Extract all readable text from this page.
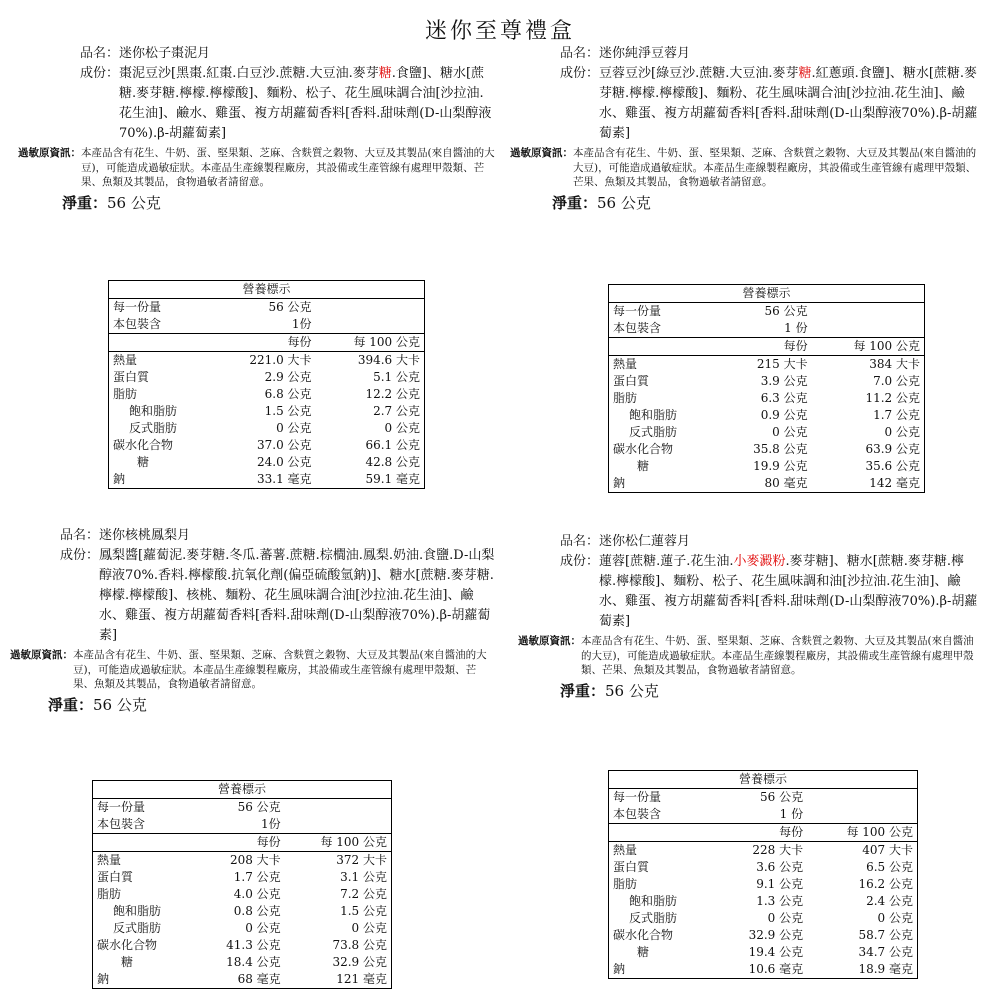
迷你至尊禮盒
品名： 迷你松子棗泥月
成份： 棗泥豆沙[黑棗.紅棗.白豆沙.蔗糖.大豆油.麥芽糖.食鹽]、糖水[蔗糖.麥芽糖.檸檬.檸檬酸]、麵粉、松子、花生風味調合油[沙拉油.花生油]、鹼水、雞蛋、複方胡蘿蔔香料[香料.甜味劑(D-山梨醇液70%).β-胡蘿蔔素]
過敏原資訊： 本產品含有花生、牛奶、蛋、堅果類、芝麻、含麩質之穀物、大豆及其製品(來自醬油的大豆)，可能造成過敏症狀。本產品生產線製程廠房，其設備或生產管線有處理甲殼類、芒果、魚類及其製品，食物過敏者請留意。
淨重： 56 公克
營養標示		
每一份量	56 公克	
本包裝含	1份	
	每份	每 100 公克
熱量	221.0 大卡	394.6 大卡
蛋白質	2.9 公克	5.1 公克
脂肪	6.8 公克	12.2 公克
飽和脂肪	1.5 公克	2.7 公克
反式脂肪	0 公克	0 公克
碳水化合物	37.0 公克	66.1 公克
糖	24.0 公克	42.8 公克
鈉	33.1 毫克	59.1 毫克
品名： 迷你純淨豆蓉月
成份： 豆蓉豆沙[綠豆沙.蔗糖.大豆油.麥芽糖.紅蔥頭.食鹽]、糖水[蔗糖.麥芽糖.檸檬.檸檬酸]、麵粉、花生風味調合油[沙拉油.花生油]、鹼水、雞蛋、複方胡蘿蔔香料[香料.甜味劑(D-山梨醇液70%).β-胡蘿蔔素]
過敏原資訊： 本產品含有花生、牛奶、蛋、堅果類、芝麻、含麩質之穀物、大豆及其製品(來自醬油的大豆)，可能造成過敏症狀。本產品生產線製程廠房，其設備或生產管線有處理甲殼類、芒果、魚類及其製品，食物過敏者請留意。
淨重： 56 公克
營養標示		
每一份量	56 公克	
本包裝含	1 份	
	每份	每 100 公克
熱量	215 大卡	384 大卡
蛋白質	3.9 公克	7.0 公克
脂肪	6.3 公克	11.2 公克
飽和脂肪	0.9 公克	1.7 公克
反式脂肪	0 公克	0 公克
碳水化合物	35.8 公克	63.9 公克
糖	19.9 公克	35.6 公克
鈉	80 毫克	142 毫克
品名： 迷你核桃鳳梨月
成份： 鳳梨醬[蘿蔔泥.麥芽糖.冬瓜.蕃薯.蔗糖.棕櫚油.鳳梨.奶油.食鹽.D-山梨醇液70%.香料.檸檬酸.抗氧化劑(偏亞硫酸氫鈉)]、糖水[蔗糖.麥芽糖.檸檬.檸檬酸]、核桃、麵粉、花生風味調合油[沙拉油.花生油]、鹼水、雞蛋、複方胡蘿蔔香料[香料.甜味劑(D-山梨醇液70%).β-胡蘿蔔素]
過敏原資訊： 本產品含有花生、牛奶、蛋、堅果類、芝麻、含麩質之穀物、大豆及其製品(來自醬油的大豆)，可能造成過敏症狀。本產品生產線製程廠房，其設備或生產管線有處理甲殼類、芒果、魚類及其製品，食物過敏者請留意。
淨重： 56 公克
營養標示		
每一份量	56 公克	
本包裝含	1份	
	每份	每 100 公克
熱量	208 大卡	372 大卡
蛋白質	1.7 公克	3.1 公克
脂肪	4.0 公克	7.2 公克
飽和脂肪	0.8 公克	1.5 公克
反式脂肪	0 公克	0 公克
碳水化合物	41.3 公克	73.8 公克
糖	18.4 公克	32.9 公克
鈉	68 毫克	121 毫克
品名： 迷你松仁蓮蓉月
成份： 蓮蓉[蔗糖.蓮子.花生油.小麥澱粉.麥芽糖]、糖水[蔗糖.麥芽糖.檸檬.檸檬酸]、麵粉、松子、花生風味調和油[沙拉油.花生油]、鹼水、雞蛋、複方胡蘿蔔香料[香料.甜味劑(D-山梨醇液70%).β-胡蘿蔔素]
過敏原資訊： 本產品含有花生、牛奶、蛋、堅果類、芝麻、含麩質之穀物、大豆及其製品(來自醬油的大豆)，可能造成過敏症狀。本產品生產線製程廠房，其設備或生產管線有處理甲殼類、芒果、魚類及其製品，食物過敏者請留意。
淨重： 56 公克
營養標示		
每一份量	56 公克	
本包裝含	1 份	
	每份	每 100 公克
熱量	228 大卡	407 大卡
蛋白質	3.6 公克	6.5 公克
脂肪	9.1 公克	16.2 公克
飽和脂肪	1.3 公克	2.4 公克
反式脂肪	0 公克	0 公克
碳水化合物	32.9 公克	58.7 公克
糖	19.4 公克	34.7 公克
鈉	10.6 毫克	18.9 毫克
